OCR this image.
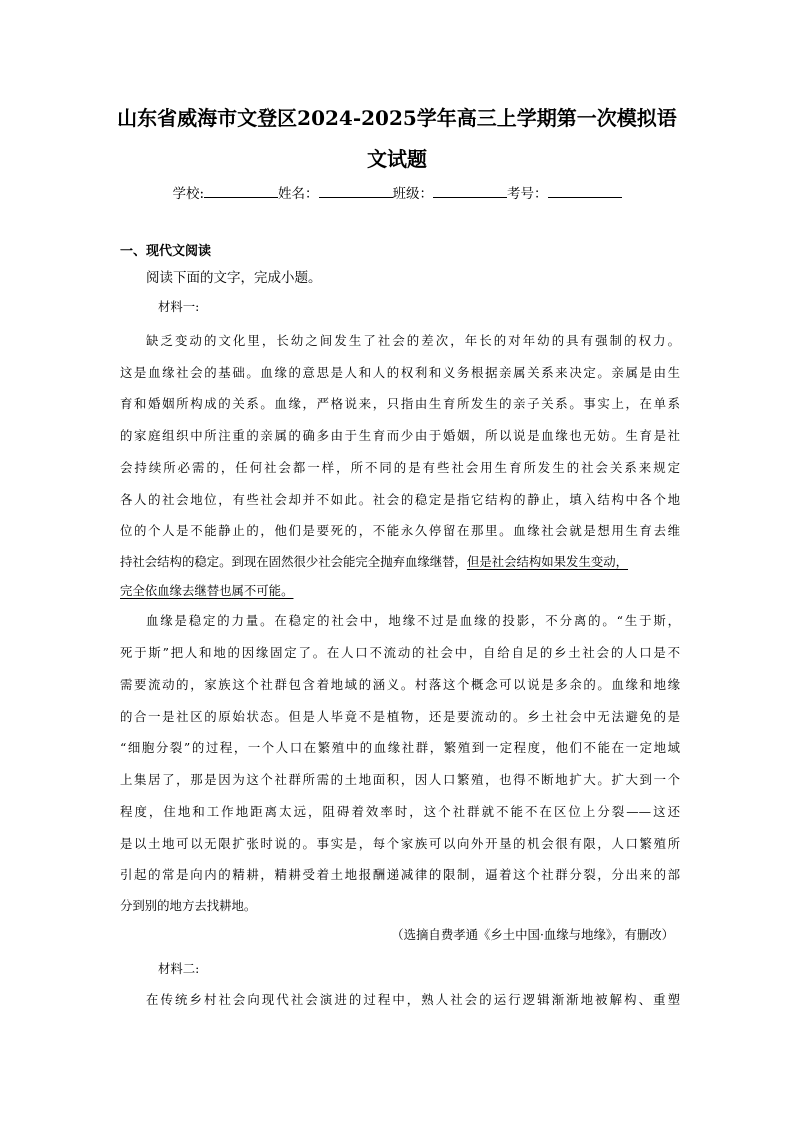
山东省威海市文登区2024-2025学年高三上学期第一次模拟语
文试题
学校:	姓名：	班级：	考号：
一、现代文阅读
阅读下面的文字，完成小题。
材料一:
缺乏变动的文化里，长幼之间发生了社会的差次，年长的对年幼的具有强制的权力。
这是血缘社会的基础。血缘的意思是人和人的权利和义务根据亲属关系来决定。亲属是由生
育和婚姻所构成的关系。血缘，严格说来，只指由生育所发生的亲子关系。事实上，在单系
的家庭组织中所注重的亲属的确多由于生育而少由于婚姻，所以说是血缘也无妨。生育是社
会持续所必需的，任何社会都一样，所不同的是有些社会用生育所发生的社会关系来规定
各人的社会地位，有些社会却并不如此。社会的稳定是指它结构的静止，填入结构中各个地
位的个人是不能静止的，他们是要死的，不能永久停留在那里。血缘社会就是想用生育去维
持社会结构的稳定。到现在固然很少社会能完全抛弃血缘继替，但是社会结构如果发生变动，
完全依血缘去继替也属不可能。
血缘是稳定的力量。在稳定的社会中，地缘不过是血缘的投影，不分离的。“生于斯，
死于斯”把人和地的因缘固定了。在人口不流动的社会中，自给自足的乡土社会的人口是不
需要流动的，家族这个社群包含着地域的涵义。村落这个概念可以说是多余的。血缘和地缘
的合一是社区的原始状态。但是人毕竟不是植物，还是要流动的。乡土社会中无法避免的是
“细胞分裂”的过程，一个人口在繁殖中的血缘社群，繁殖到一定程度，他们不能在一定地域
上集居了，那是因为这个社群所需的土地面积，因人口繁殖，也得不断地扩大。扩大到一个
程度，住地和工作地距离太远，阻碍着效率时，这个社群就不能不在区位上分裂——这还
是以土地可以无限扩张时说的。事实是，每个家族可以向外开垦的机会很有限，人口繁殖所
引起的常是向内的精耕，精耕受着土地报酬递减律的限制，逼着这个社群分裂，分出来的部
分到别的地方去找耕地。
（选摘自费孝通《乡土中国·血缘与地缘》，有删改）
材料二:
在传统乡村社会向现代社会演进的过程中，熟人社会的运行逻辑渐渐地被解构、重塑
